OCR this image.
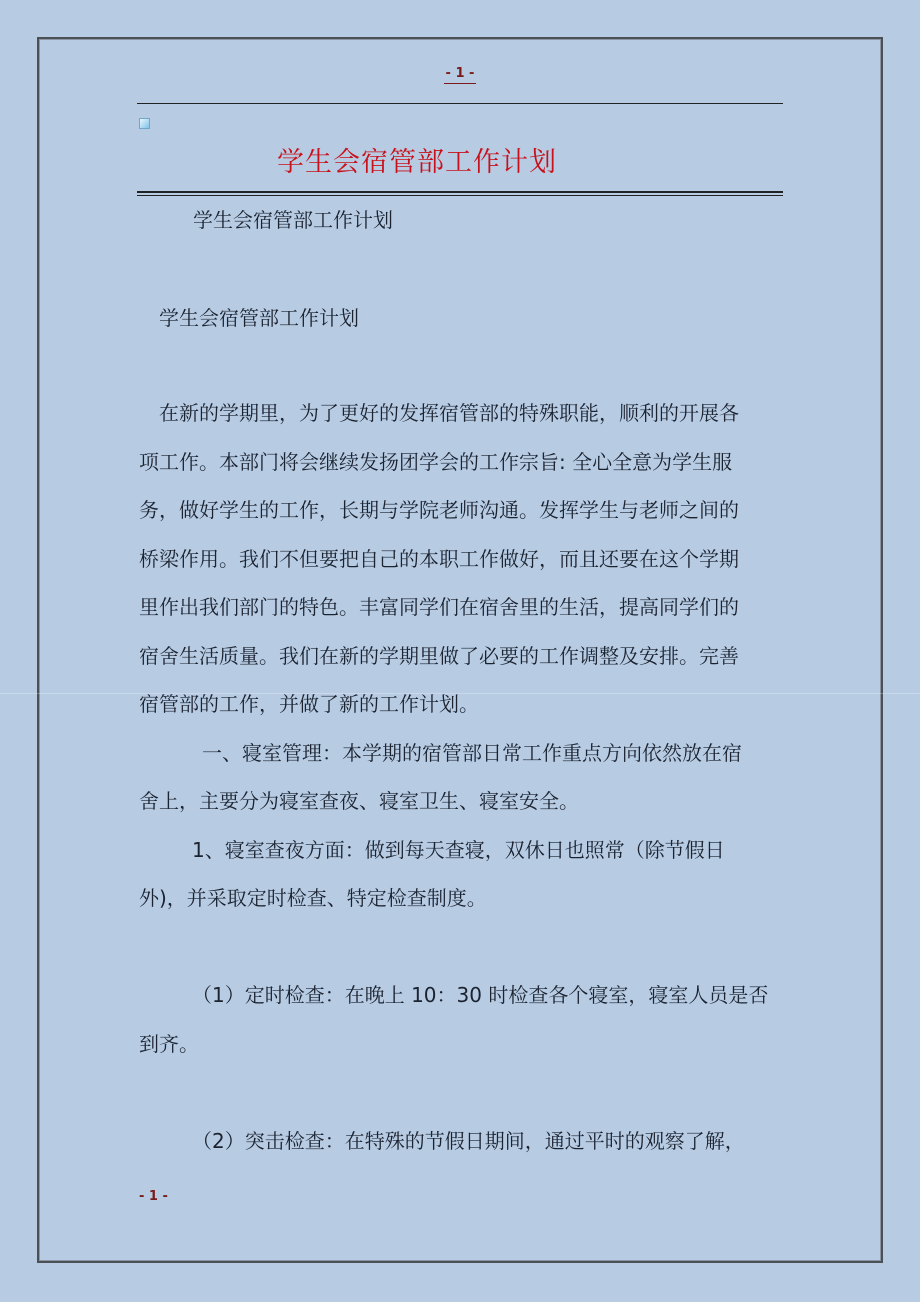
- 1 -
学生会宿管部工作计划
学生会宿管部工作计划
学生会宿管部工作计划
在新的学期里，为了更好的发挥宿管部的特殊职能，顺利的开展各
项工作。本部门将会继续发扬团学会的工作宗旨: 全心全意为学生服
务，做好学生的工作，长期与学院老师沟通。发挥学生与老师之间的
桥梁作用。我们不但要把自己的本职工作做好，而且还要在这个学期
里作出我们部门的特色。丰富同学们在宿舍里的生活，提高同学们的
宿舍生活质量。我们在新的学期里做了必要的工作调整及安排。完善
宿管部的工作，并做了新的工作计划。
一、寝室管理：本学期的宿管部日常工作重点方向依然放在宿
舍上，主要分为寝室查夜、寝室卫生、寝室安全。
1、寝室查夜方面：做到每天查寝，双休日也照常（除节假日
外)，并采取定时检查、特定检查制度。
（1）定时检查：在晚上 10：30 时检查各个寝室，寝室人员是否
到齐。
（2）突击检查：在特殊的节假日期间，通过平时的观察了解，
- 1 -
